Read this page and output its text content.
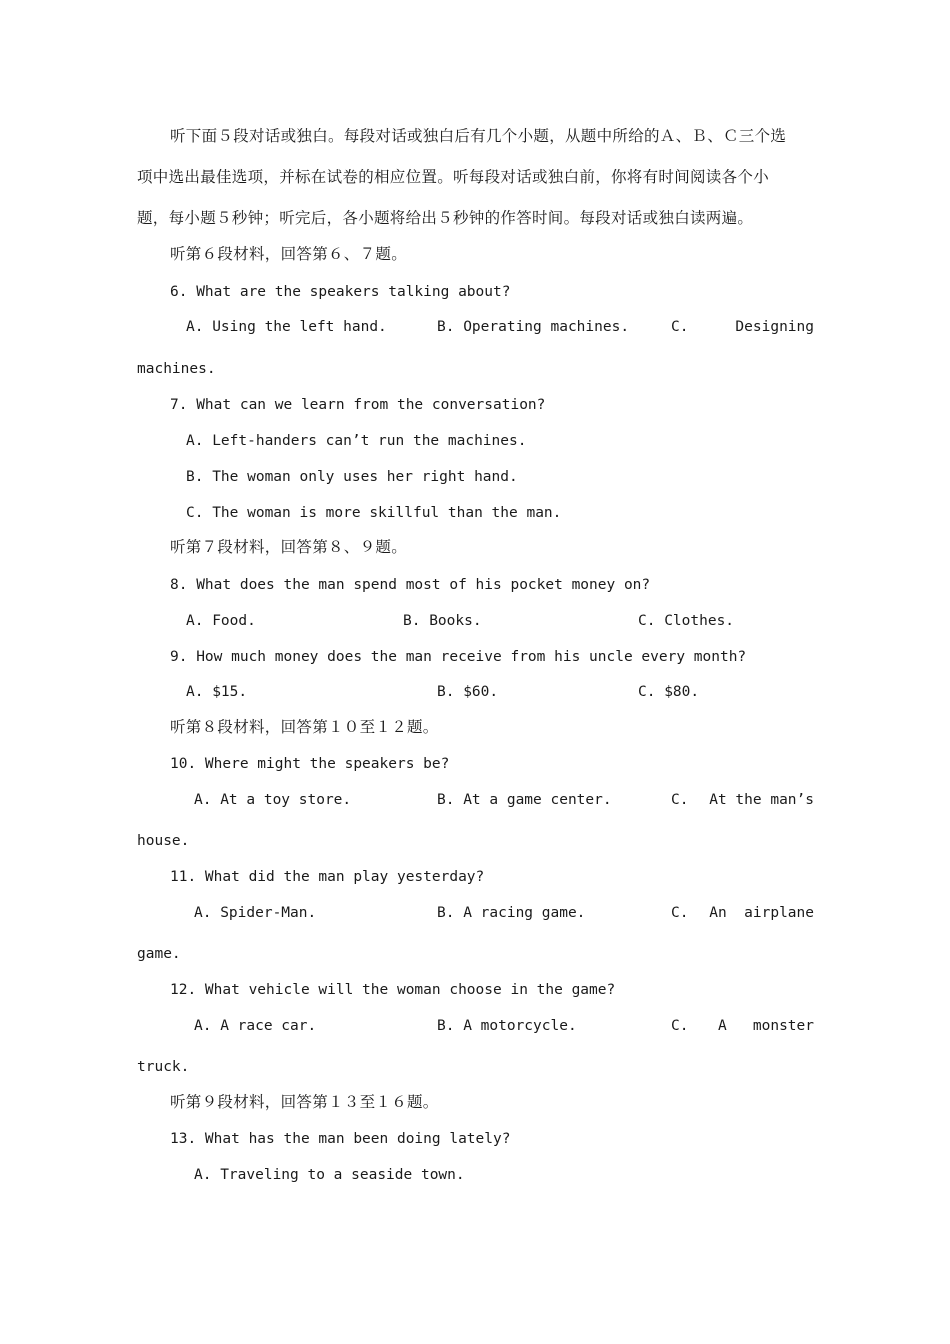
听下面５段对话或独白。每段对话或独白后有几个小题，从题中所给的Ａ、Ｂ、Ｃ三个选
项中选出最佳选项，并标在试卷的相应位置。听每段对话或独白前，你将有时间阅读各个小
题，每小题５秒钟；听完后，各小题将给出５秒钟的作答时间。每段对话或独白读两遍。
听第６段材料，回答第６、７题。
6. What are the speakers talking about?
A. Using the left hand.	B. Operating machines.	C.	Designing
machines.
7. What can we learn from the conversation?
A. Left-handers can’t run the machines.
B. The woman only uses her right hand.
C. The woman is more skillful than the man.
听第７段材料，回答第８、９题。
8. What does the man spend most of his pocket money on?
A. Food.	B. Books.	C. Clothes.
9. How much money does the man receive from his uncle every month?
A. $15.	B. $60.	C. $80.
听第８段材料，回答第１０至１２题。
10. Where might the speakers be?
A. At a toy store.	B. At a game center.	C. At the man’s
house.
11. What did the man play yesterday?
A. Spider-Man.	B. A racing game.	C. An  airplane
game.
12. What vehicle will the woman choose in the game?
A. A race car.	B. A motorcycle.	C. A   monster
truck.
听第９段材料，回答第１３至１６题。
13. What has the man been doing lately?
A. Traveling to a seaside town.
